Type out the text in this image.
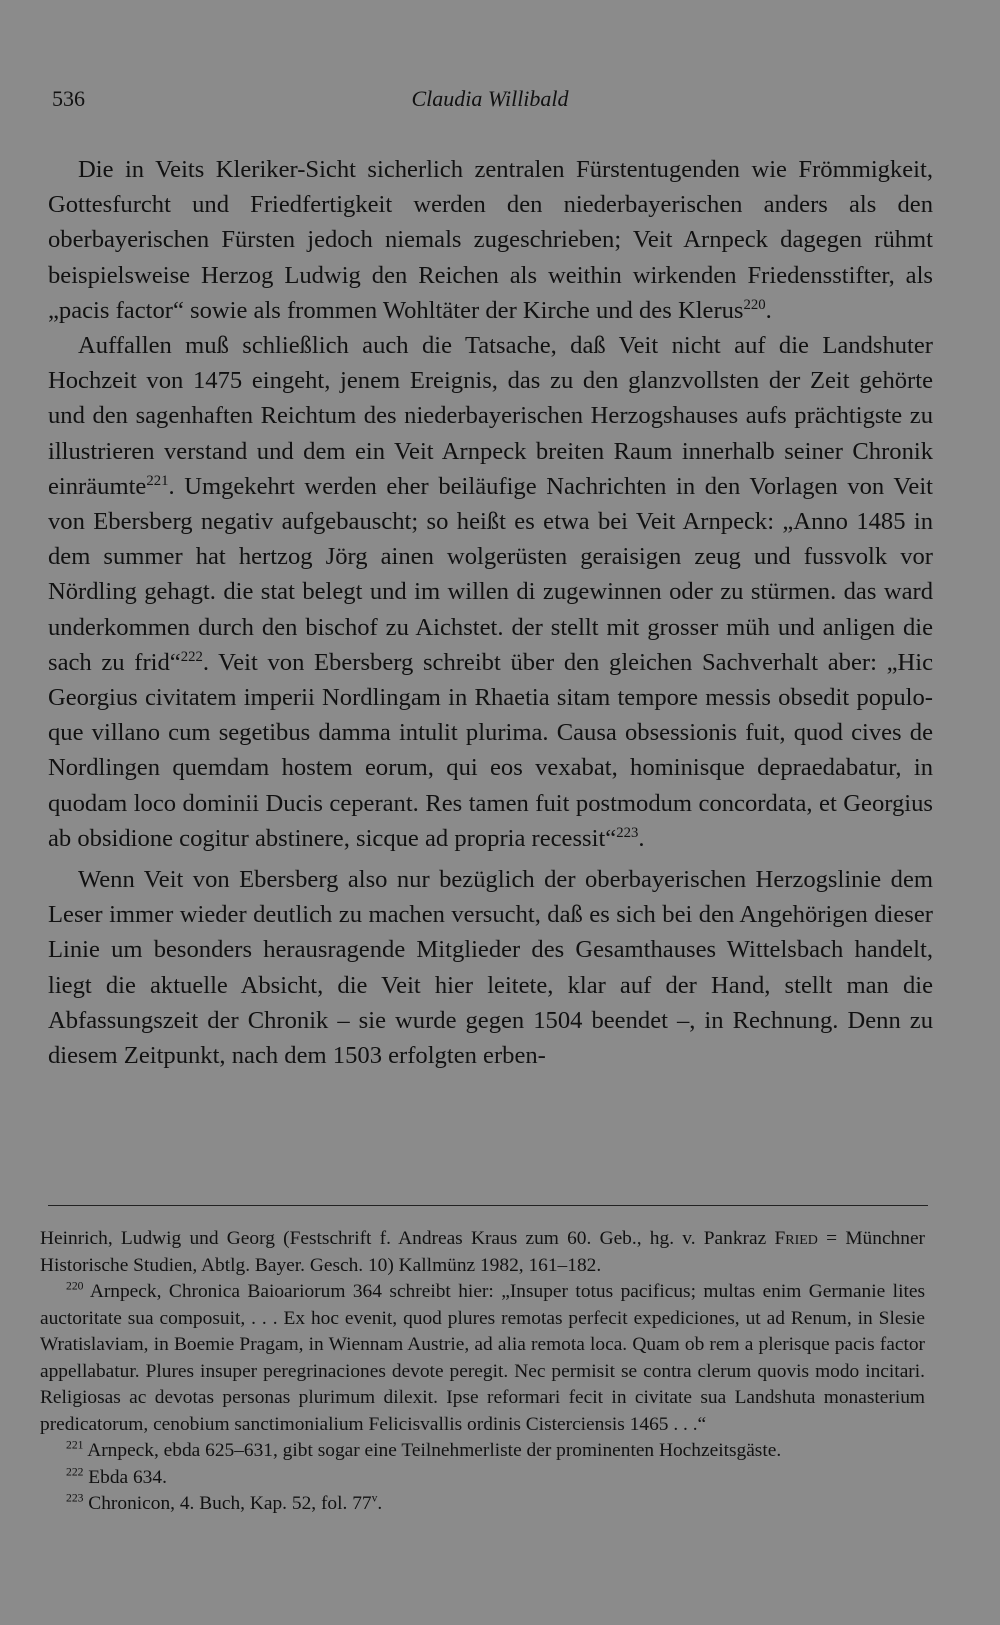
536	Claudia Willibald

Die in Veits Kleriker-Sicht sicherlich zentralen Fürstentugenden wie Frömmigkeit, Gottesfurcht und Friedfertigkeit werden den niederbayerischen anders als den oberbayerischen Fürsten jedoch niemals zugeschrieben; Veit Arnpeck dagegen rühmt beispielsweise Herzog Ludwig den Reichen als weithin wirkenden Friedensstifter, als „pacis factor“ sowie als frommen Wohltäter der Kirche und des Klerus$^{220}$.

Auffallen muß schließlich auch die Tatsache, daß Veit nicht auf die Landshuter Hochzeit von 1475 eingeht, jenem Ereignis, das zu den glanzvollsten der Zeit gehörte und den sagenhaften Reichtum des niederbayerischen Herzogshauses aufs prächtigste zu illustrieren verstand und dem ein Veit Arnpeck breiten Raum innerhalb seiner Chronik einräumte$^{221}$. Umgekehrt werden eher beiläufige Nachrichten in den Vorlagen von Veit von Ebersberg negativ aufgebauscht; so heißt es etwa bei Veit Arnpeck: „Anno 1485 in dem summer hat hertzog Jörg ainen wolgerüsten geraisigen zeug und fussvolk vor Nördling gehagt. die stat belegt und im willen di zugewinnen oder zu stürmen. das ward underkommen durch den bischof zu Aichstet. der stellt mit grosser müh und anligen die sach zu frid“$^{222}$. Veit von Ebersberg schreibt über den gleichen Sachverhalt aber: „Hic Georgius civitatem imperii Nordlingam in Rhaetia sitam tempore messis obsedit populoque villano cum segetibus damma intulit plurima. Causa obsessionis fuit, quod cives de Nordlingen quemdam hostem eorum, qui eos vexabat, hominisque depraedabatur, in quodam loco dominii Ducis ceperant. Res tamen fuit postmodum concordata, et Georgius ab obsidione cogitur abstinere, sicque ad propria recessit“$^{223}$.

Wenn Veit von Ebersberg also nur bezüglich der oberbayerischen Herzogslinie dem Leser immer wieder deutlich zu machen versucht, daß es sich bei den Angehörigen dieser Linie um besonders herausragende Mitglieder des Gesamthauses Wittelsbach handelt, liegt die aktuelle Absicht, die Veit hier leitete, klar auf der Hand, stellt man die Abfassungszeit der Chronik – sie wurde gegen 1504 beendet –, in Rechnung. Denn zu diesem Zeitpunkt, nach dem 1503 erfolgten erben-

Heinrich, Ludwig und Georg (Festschrift f. Andreas Kraus zum 60. Geb., hg. v. Pankraz Fried = Münchner Historische Studien, Abtlg. Bayer. Gesch. 10) Kallmünz 1982, 161–182.

$^{220}$ Arnpeck, Chronica Baioariorum 364 schreibt hier: „Insuper totus pacificus; multas enim Germanie lites auctoritate sua composuit, . . . Ex hoc evenit, quod plures remotas perfecit expediciones, ut ad Renum, in Slesie Wratislaviam, in Boemie Pragam, in Wiennam Austrie, ad alia remota loca. Quam ob rem a plerisque pacis factor appellabatur. Plures insuper peregrinaciones devote peregit. Nec permisit se contra clerum quovis modo incitari. Religiosas ac devotas personas plurimum dilexit. Ipse reformari fecit in civitate sua Landshuta monasterium predicatorum, cenobium sanctimonialium Felicisvallis ordinis Cisterciensis 1465 . . .“

$^{221}$ Arnpeck, ebda 625–631, gibt sogar eine Teilnehmerliste der prominenten Hochzeitsgäste.

$^{222}$ Ebda 634.

$^{223}$ Chronicon, 4. Buch, Kap. 52, fol. 77$^v$.
